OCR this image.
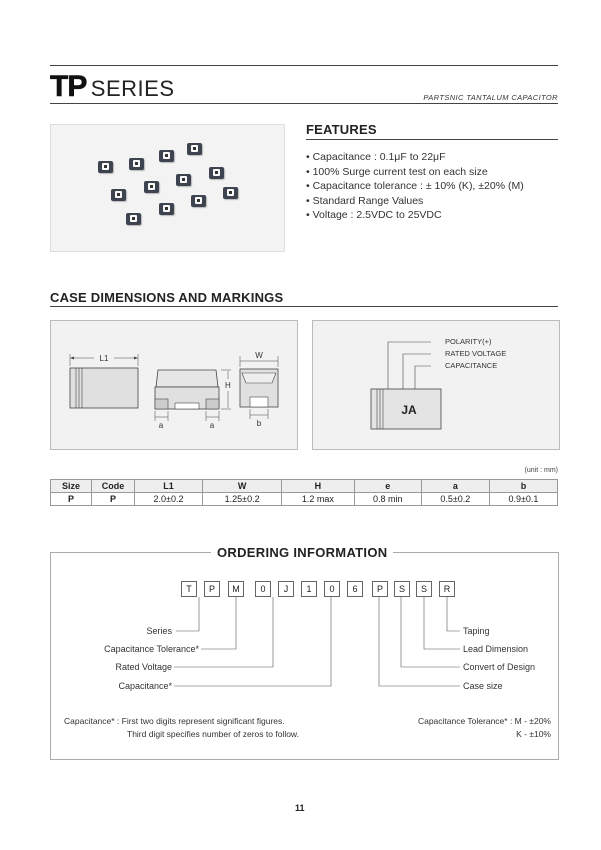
TP SERIES	PARTSNIC TANTALUM CAPACITOR
FEATURES
• Capacitance : 0.1μF to 22μF
• 100% Surge current test on each size
• Capacitance tolerance : ± 10% (K), ±20% (M)
• Standard Range Values
• Voltage : 2.5VDC to 25VDC
CASE DIMENSIONS AND MARKINGS
L1
H
a	a
W
b
JA
POLARITY(+)
RATED VOLTAGE
CAPACITANCE
(unit : mm)
Size	Code	L1	W	H	e	a	b
P	P	2.0±0.2	1.25±0.2	1.2 max	0.8 min	0.5±0.2	0.9±0.1
ORDERING INFORMATION
T	P	M	0	J	1	0	6	P	S	S	R
Series
Capacitance Tolerance*
Rated Voltage
Capacitance*
Taping
Lead Dimension
Convert of Design
Case size
Capacitance* : First two digits represent significant figures.
Third digit specifies number of zeros to follow.
Capacitance Tolerance* : M - ±20%
K - ±10%
11
